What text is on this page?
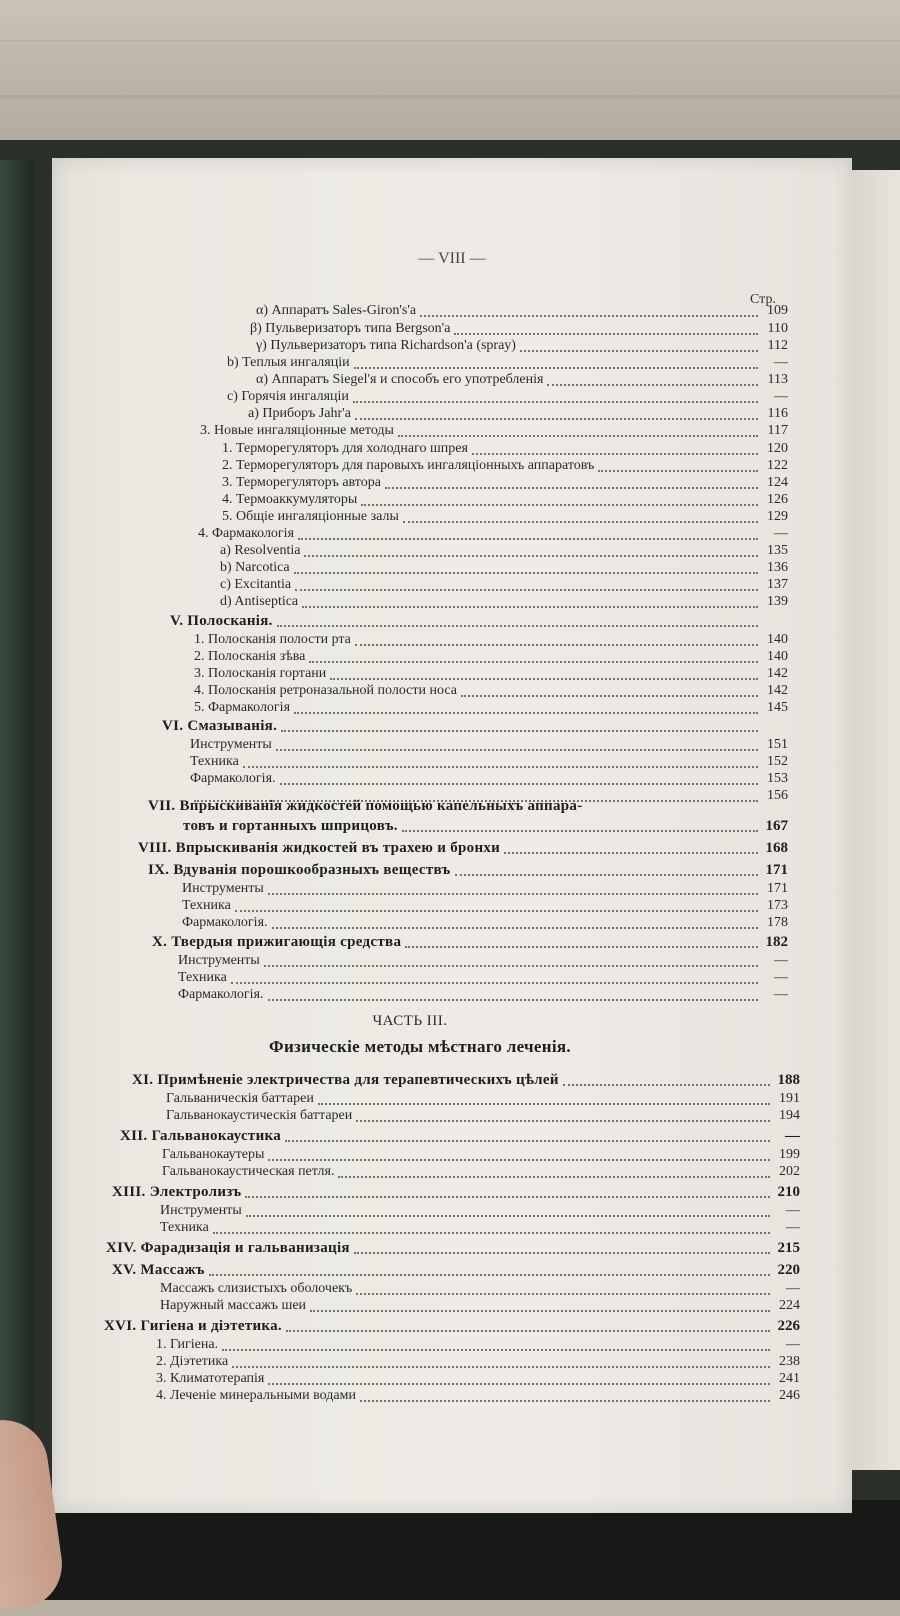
— VIII —
Стр.
α) Аппаратъ Sales-Giron's'a	109
β) Пульверизаторъ типа Bergson'a	110
γ) Пульверизаторъ типа Richardson'a (spray)	112
b) Теплыя ингаляціи	—
α) Аппаратъ Siegel'я и способъ его употребленія	113
c) Горячія ингаляціи	—
a) Приборъ Jahr'a	116
3. Новые ингаляціонные методы	117
1. Терморегуляторъ для холоднаго шпрея	120
2. Терморегуляторъ для паровыхъ ингаляціонныхъ аппаратовъ	122
3. Терморегуляторъ автора	124
4. Термоаккумуляторы	126
5. Общіе ингаляціонные залы	129
4. Фармакологія	—
a) Resolventia	135
b) Narcotica	136
c) Excitantia	137
d) Antiseptica	139
V. Полосканія.
1. Полосканія полости рта	140
2. Полосканія зѣва	140
3. Полосканія гортани	142
4. Полосканія ретроназальной полости носа	142
5. Фармакологія	145
VI. Смазыванія.
Инструменты	151
Техника	152
Фармакологія.	153
156
VII. Впрыскиванія жидкостей помощью капельныхъ аппара-
товъ и гортанныхъ шприцовъ.	167
VIII. Впрыскиванія жидкостей въ трахею и бронхи	168
IX. Вдуванія порошкообразныхъ веществъ	171
Инструменты	171
Техника	173
Фармакологія.	178
X. Твердыя прижигающія средства	182
Инструменты	—
Техника	—
Фармакологія.	—
XI. Примѣненіе электричества для терапевтическихъ цѣлей	188
Гальваническія баттареи	191
Гальванокаустическія баттареи	194
XII. Гальванокаустика	—
Гальванокаутеры	199
Гальванокаустическая петля.	202
XIII. Электролизъ	210
Инструменты	—
Техника	—
XIV. Фарадизація и гальванизація	215
XV. Массажъ	220
Массажъ слизистыхъ оболочекъ	—
Наружный массажъ шеи	224
XVI. Гигіена и діэтетика.	226
1. Гигіена.	—
2. Діэтетика	238
3. Климатотерапія	241
4. Леченіе минеральными водами	246
ЧАСТЬ III.
Физическіе методы мѣстнаго леченія.
